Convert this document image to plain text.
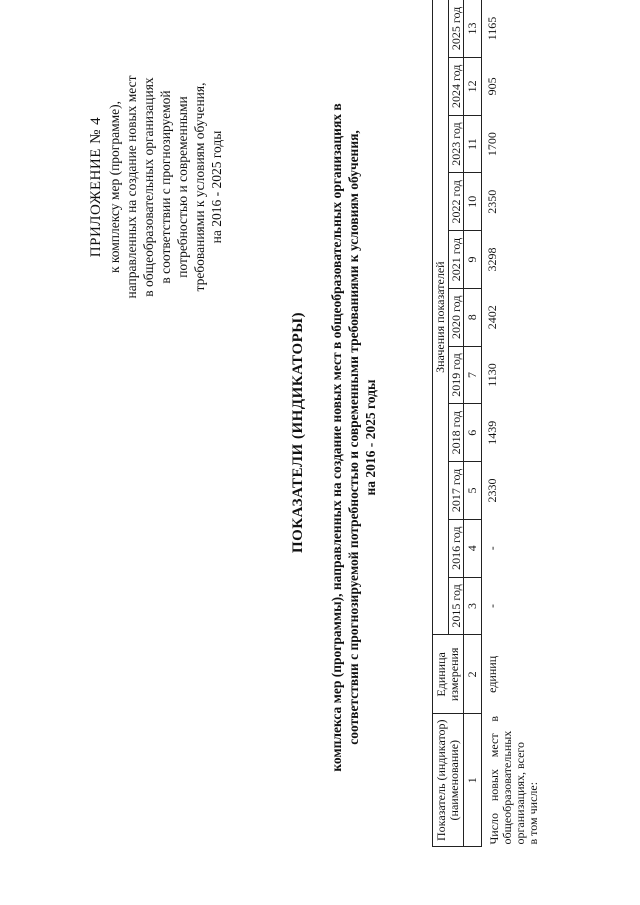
ПРИЛОЖЕНИЕ № 4 к комплексу мер (программе), направленных на создание новых мест в общеобразовательных организациях в соответствии с прогнозируемой потребностью и современными требованиями к условиям обучения, на 2016 - 2025 годы
ПОКАЗАТЕЛИ (ИНДИКАТОРЫ) комплекса мер (программы), направленных на создание новых мест в общеобразовательных организациях в соответствии с прогнозируемой потребностью и современными требованиями к условиям обучения, на 2016 - 2025 годы
Показатель (индикатор) (наименование)	Единица измерения	Значения показателей										
		2015 год	2016 год	2017 год	2018 год	2019 год	2020 год	2021 год	2022 год	2023 год	2024 год	2025 год
1	2	3	4	5	6	7	8	9	10	11	12	13

Число новых мест в общеобразовательных организациях, всего в том числе:	единиц	-	-	2330	1439	1130	2402	3298	2350	1700	905	1165
